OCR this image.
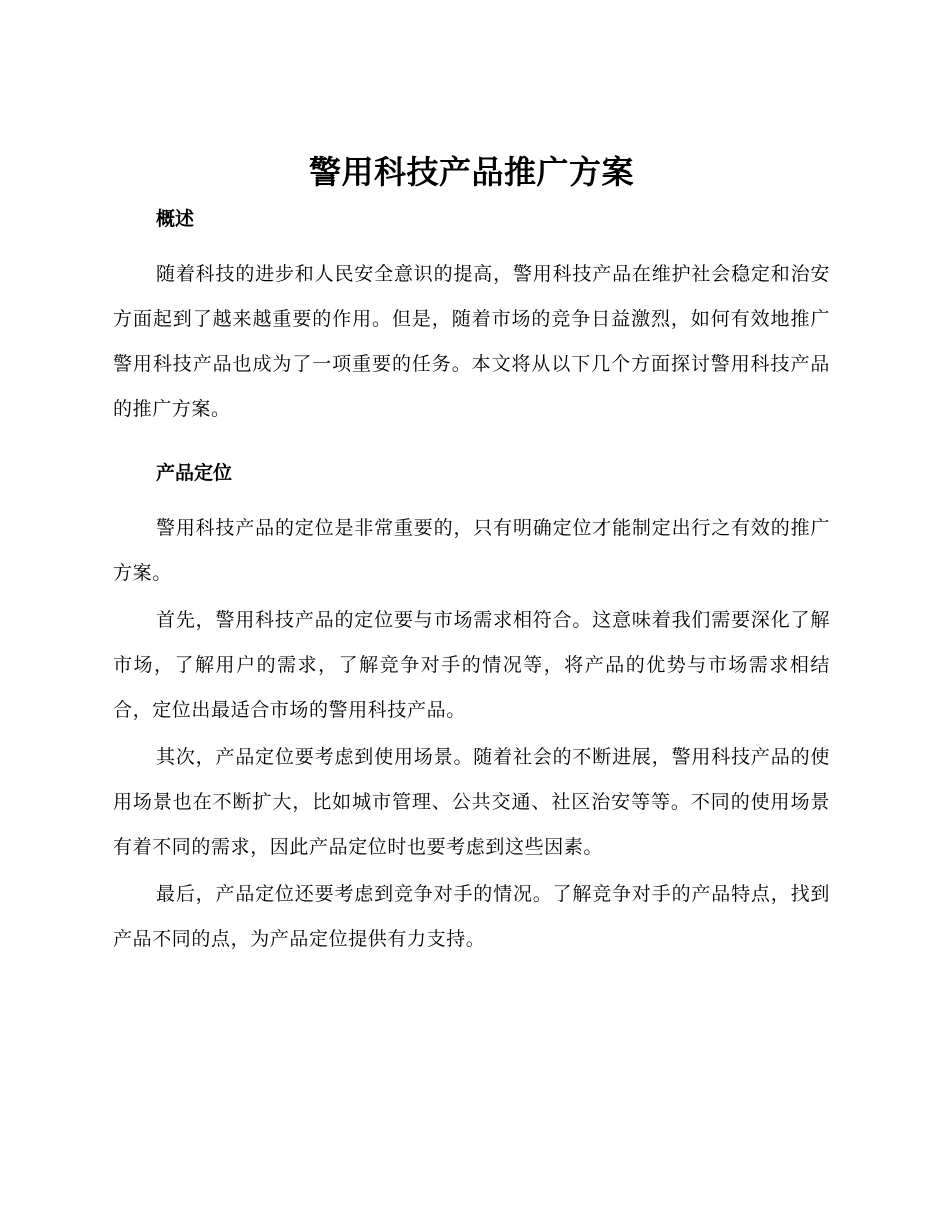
警用科技产品推广方案
概述

随着科技的进步和人民安全意识的提高，警用科技产品在维护社会稳定和治安方面起到了越来越重要的作用。但是，随着市场的竞争日益激烈，如何有效地推广警用科技产品也成为了一项重要的任务。本文将从以下几个方面探讨警用科技产品的推广方案。

产品定位

警用科技产品的定位是非常重要的，只有明确定位才能制定出行之有效的推广方案。

首先，警用科技产品的定位要与市场需求相符合。这意味着我们需要深化了解市场，了解用户的需求，了解竞争对手的情况等，将产品的优势与市场需求相结合，定位出最适合市场的警用科技产品。

其次，产品定位要考虑到使用场景。随着社会的不断进展，警用科技产品的使用场景也在不断扩大，比如城市管理、公共交通、社区治安等等。不同的使用场景有着不同的需求，因此产品定位时也要考虑到这些因素。

最后，产品定位还要考虑到竞争对手的情况。了解竞争对手的产品特点，找到产品不同的点，为产品定位提供有力支持。
